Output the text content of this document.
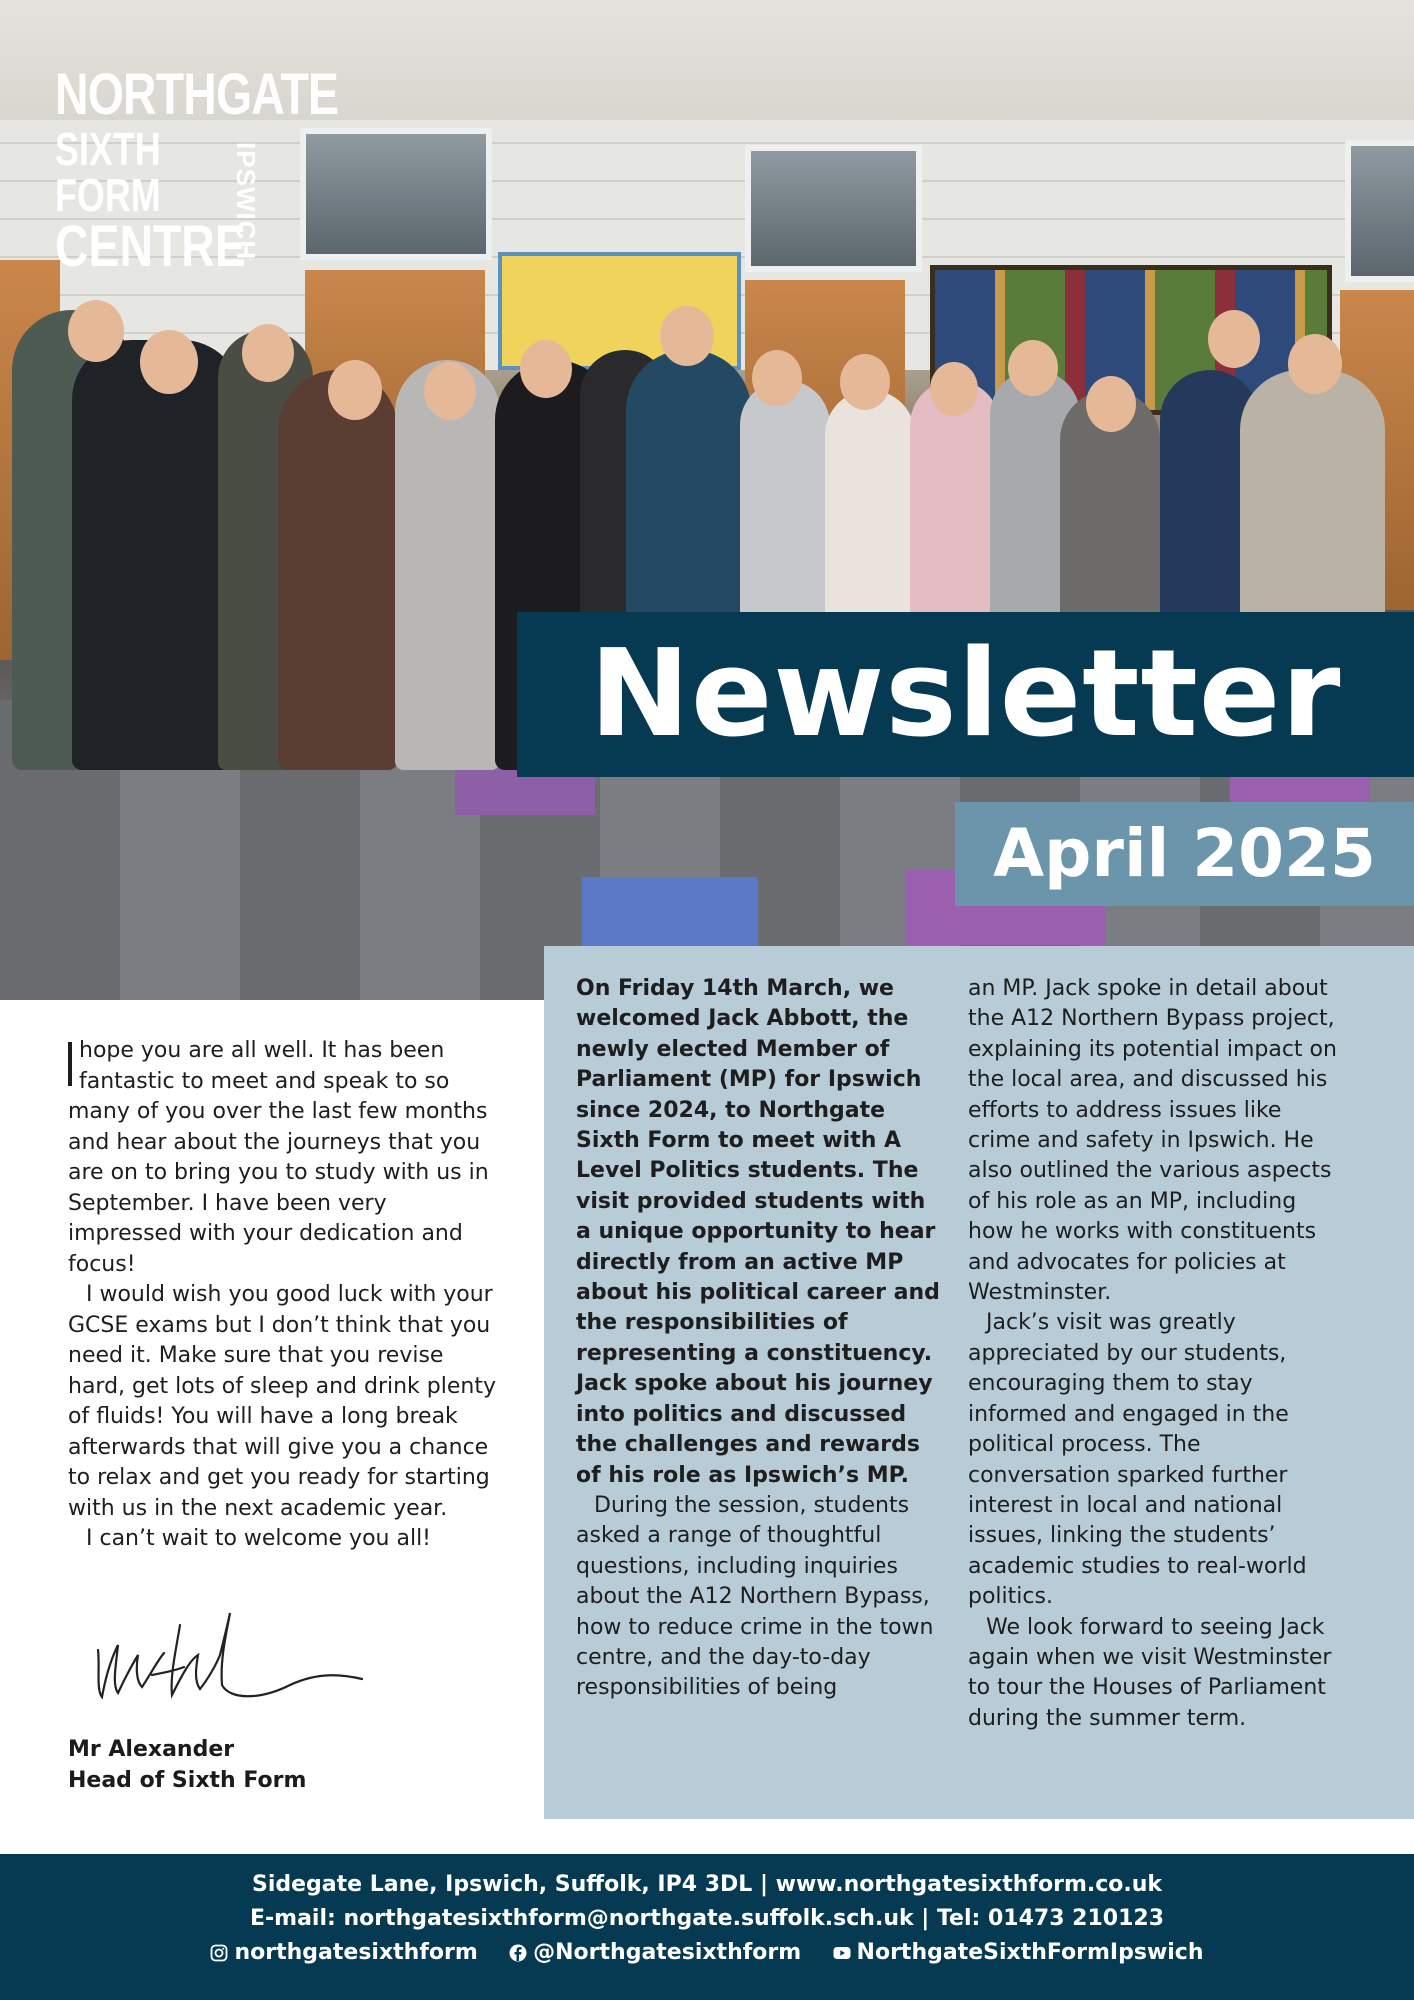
NORTHGATE
SIXTH FORM
CENTRE
IPSWICH
Newsletter
April 2025

hope you are all well. It has been fantastic to meet and speak to so many of you over the last few months and hear about the journeys that you are on to bring you to study with us in September. I have been very impressed with your dedication and focus!

I would wish you good luck with your GCSE exams but I don’t think that you need it. Make sure that you revise hard, get lots of sleep and drink plenty of fluids! You will have a long break afterwards that will give you a chance to relax and get you ready for starting with us in the next academic year.

I can’t wait to welcome you all!

Mr Alexander
Head of Sixth Form

On Friday 14th March, we welcomed Jack Abbott, the newly elected Member of Parliament (MP) for Ipswich since 2024, to Northgate Sixth Form to meet with A Level Politics students. The visit provided students with a unique opportunity to hear directly from an active MP about his political career and the responsibilities of representing a constituency. Jack spoke about his journey into politics and discussed the challenges and rewards of his role as Ipswich’s MP.

During the session, students asked a range of thoughtful questions, including inquiries about the A12 Northern Bypass, how to reduce crime in the town centre, and the day-to-day responsibilities of being

an MP. Jack spoke in detail about the A12 Northern Bypass project, explaining its potential impact on the local area, and discussed his efforts to address issues like crime and safety in Ipswich. He also outlined the various aspects of his role as an MP, including how he works with constituents and advocates for policies at Westminster.

Jack’s visit was greatly appreciated by our students, encouraging them to stay informed and engaged in the political process. The conversation sparked further interest in local and national issues, linking the students’ academic studies to real-world politics.

We look forward to seeing Jack again when we visit Westminster to tour the Houses of Parliament during the summer term.

Sidegate Lane, Ipswich, Suffolk, IP4 3DL | www.northgatesixthform.co.uk
E-mail: northgatesixthform@northgate.suffolk.sch.uk | Tel: 01473 210123
northgatesixthform	@Northgatesixthform	NorthgateSixthFormIpswich
